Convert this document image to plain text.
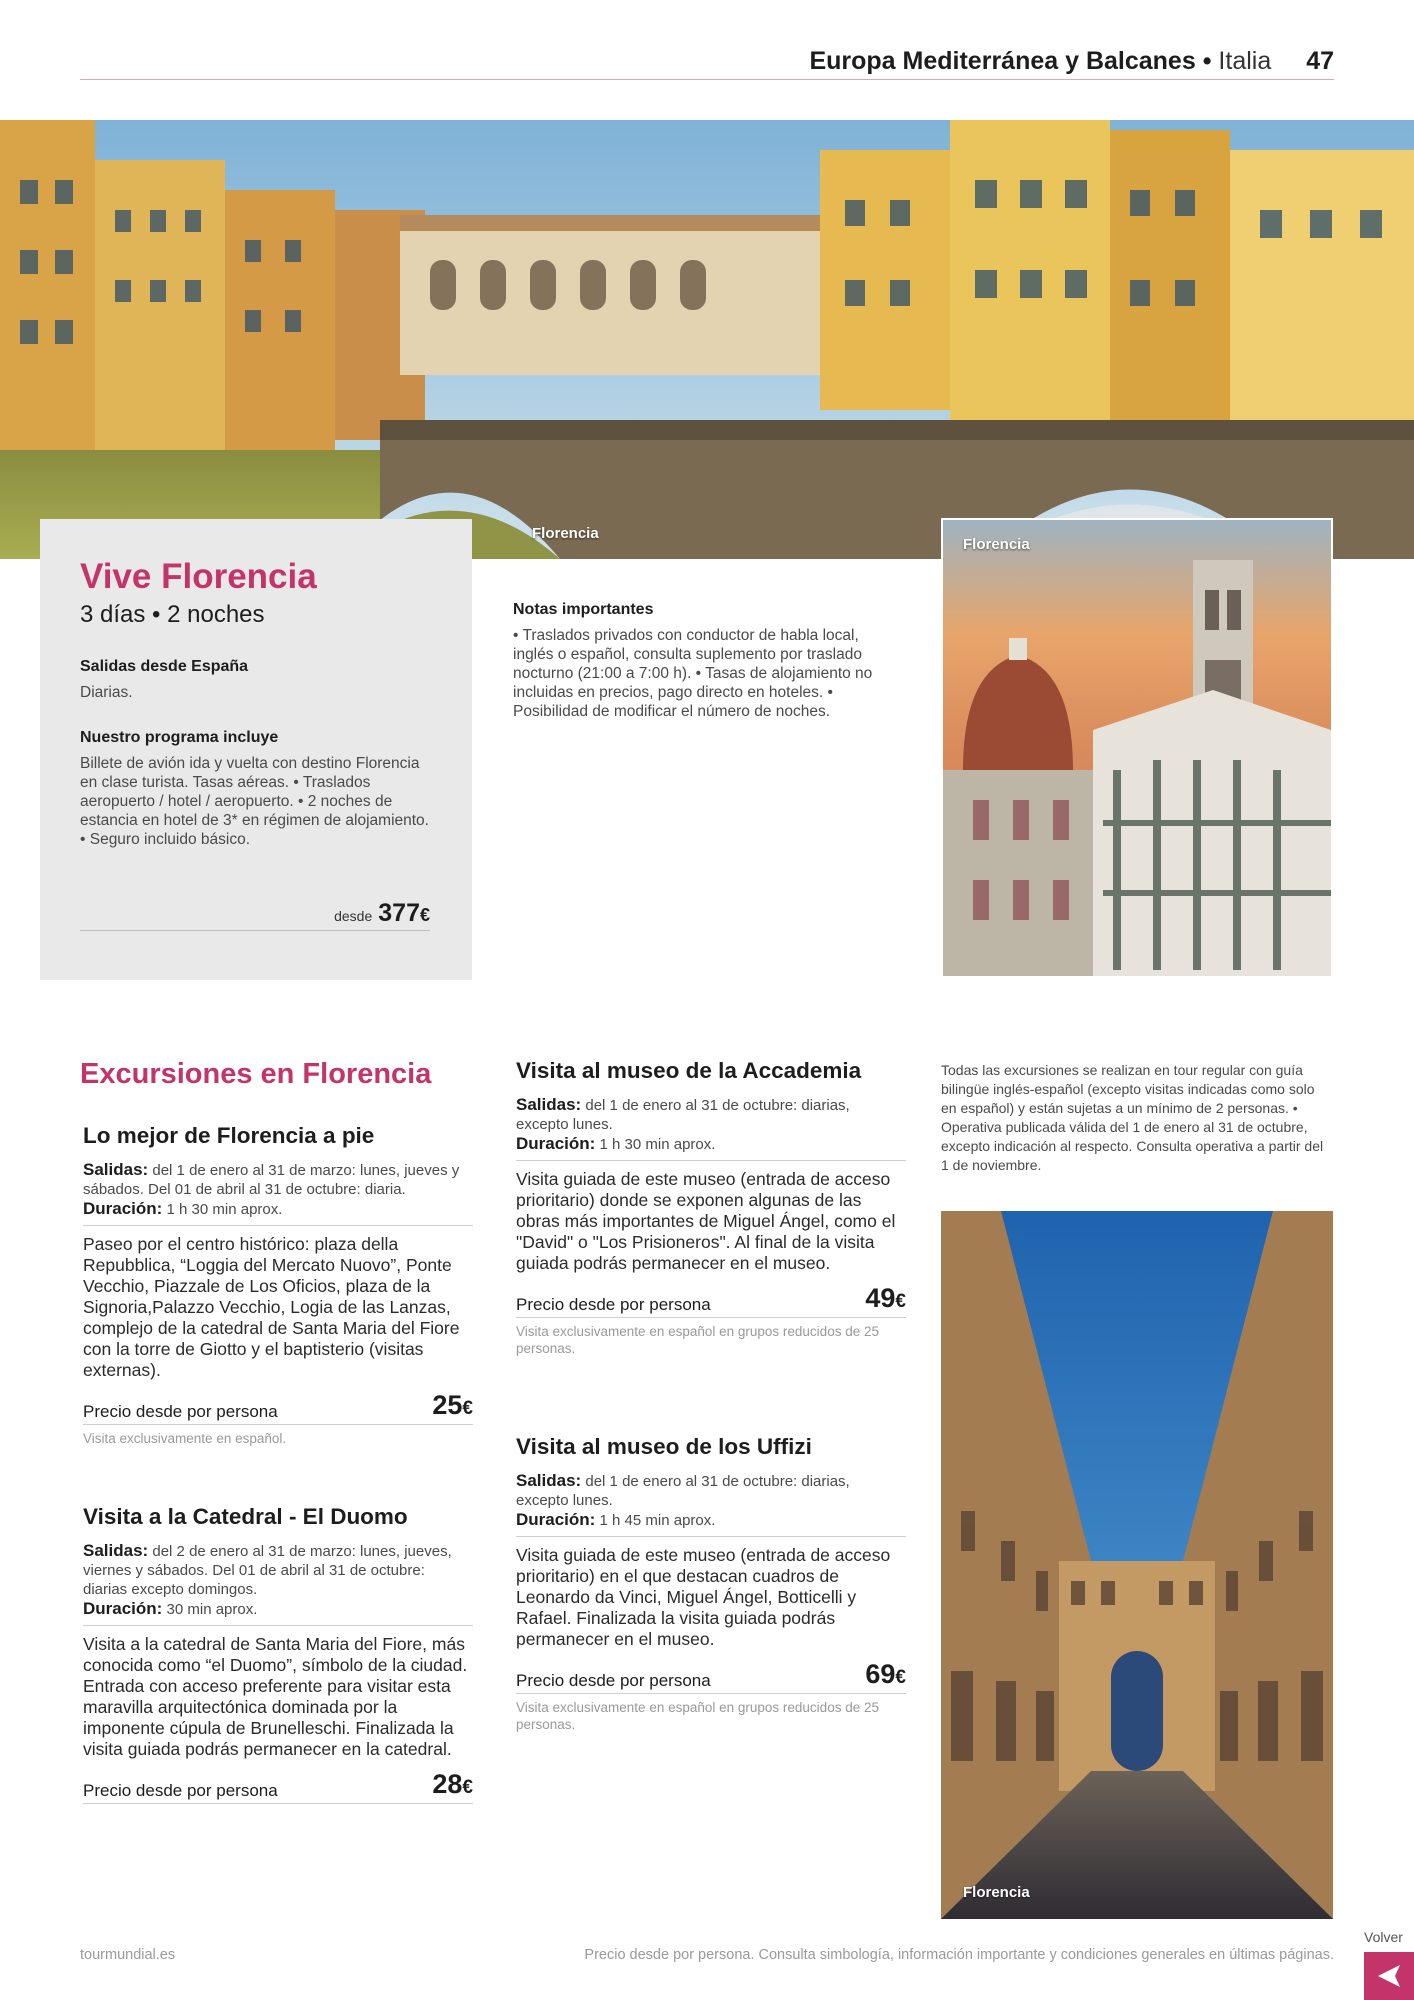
Europa Mediterránea y Balcanes • Italia 47
Florencia
Vive Florencia
3 días • 2 noches
Salidas desde España
Diarias.
Nuestro programa incluye
Billete de avión ida y vuelta con destino Florencia en clase turista. Tasas aéreas. • Traslados aeropuerto / hotel / aeropuerto. • 2 noches de estancia en hotel de 3* en régimen de alojamiento. • Seguro incluido básico.
desde 377€
Notas importantes
• Traslados privados con conductor de habla local, inglés o español, consulta suplemento por traslado nocturno (21:00 a 7:00 h). • Tasas de alojamiento no incluidas en precios, pago directo en hoteles. • Posibilidad de modificar el número de noches.
Florencia
Excursiones en Florencia
Lo mejor de Florencia a pie
Salidas: del 1 de enero al 31 de marzo: lunes, jueves y sábados. Del 01 de abril al 31 de octubre: diaria.
Duración: 1 h 30 min aprox.
Paseo por el centro histórico: plaza della Repubblica, “Loggia del Mercato Nuovo”, Ponte Vecchio, Piazzale de Los Oficios, plaza de la Signoria,Palazzo Vecchio, Logia de las Lanzas, complejo de la catedral de Santa Maria del Fiore con la torre de Giotto y el baptisterio (visitas externas).
Precio desde por persona	25€
Visita exclusivamente en español.
Visita a la Catedral - El Duomo
Salidas: del 2 de enero al 31 de marzo: lunes, jueves, viernes y sábados. Del 01 de abril al 31 de octubre: diarias excepto domingos.
Duración: 30 min aprox.
Visita a la catedral de Santa Maria del Fiore, más conocida como “el Duomo”, símbolo de la ciudad. Entrada con acceso preferente para visitar esta maravilla arquitectónica dominada por la imponente cúpula de Brunelleschi. Finalizada la visita guiada podrás permanecer en la catedral.
Precio desde por persona	28€
Visita al museo de la Accademia
Salidas: del 1 de enero al 31 de octubre: diarias, excepto lunes.
Duración: 1 h 30 min aprox.
Visita guiada de este museo (entrada de acceso prioritario) donde se exponen algunas de las obras más importantes de Miguel Ángel, como el "David" o "Los Prisioneros". Al final de la visita guiada podrás permanecer en el museo.
Precio desde por persona	49€
Visita exclusivamente en español en grupos reducidos de 25 personas.
Visita al museo de los Uffizi
Salidas: del 1 de enero al 31 de octubre: diarias, excepto lunes.
Duración: 1 h 45 min aprox.
Visita guiada de este museo (entrada de acceso prioritario) en el que destacan cuadros de Leonardo da Vinci, Miguel Ángel, Botticelli y Rafael. Finalizada la visita guiada podrás permanecer en el museo.
Precio desde por persona	69€
Visita exclusivamente en español en grupos reducidos de 25 personas.
Todas las excursiones se realizan en tour regular con guía bilingüe inglés-español (excepto visitas indicadas como solo en español) y están sujetas a un mínimo de 2 personas. • Operativa publicada válida del 1 de enero al 31 de octubre, excepto indicación al respecto. Consulta operativa a partir del 1 de noviembre.
Florencia
tourmundial.es	Precio desde por persona. Consulta simbología, información importante y condiciones generales en últimas páginas.
Volver
